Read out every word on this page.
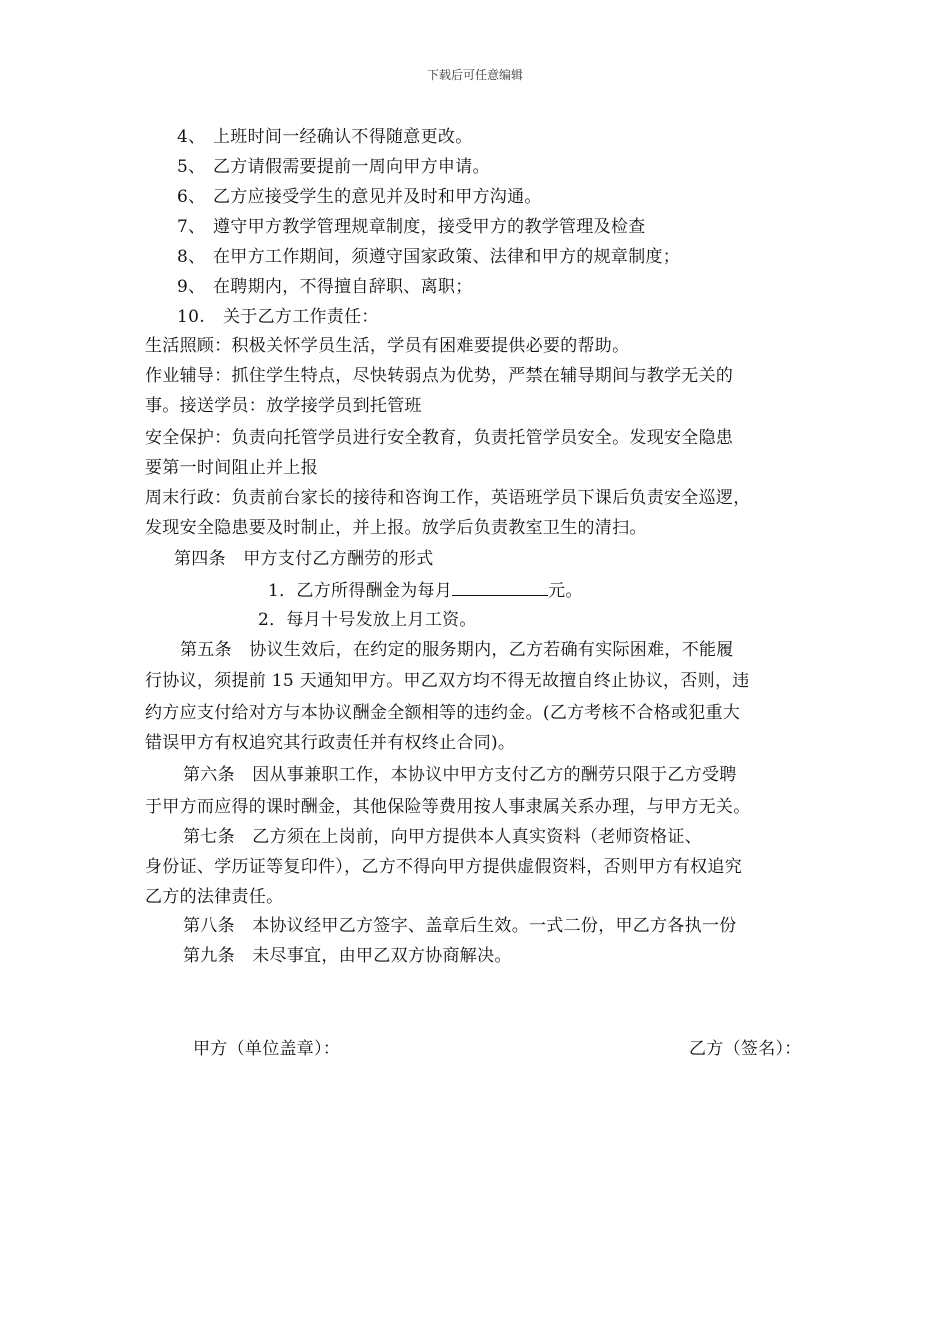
下载后可任意编辑
4、 上班时间一经确认不得随意更改。
5、 乙方请假需要提前一周向甲方申请。
6、 乙方应接受学生的意见并及时和甲方沟通。
7、 遵守甲方教学管理规章制度，接受甲方的教学管理及检查
8、 在甲方工作期间，须遵守国家政策、法律和甲方的规章制度；
9、 在聘期内，不得擅自辞职、离职；
10. 关于乙方工作责任：
生活照顾：积极关怀学员生活，学员有困难要提供必要的帮助。
作业辅导：抓住学生特点，尽快转弱点为优势，严禁在辅导期间与教学无关的
事。接送学员：放学接学员到托管班
安全保护：负责向托管学员进行安全教育，负责托管学员安全。发现安全隐患
要第一时间阻止并上报
周末行政：负责前台家长的接待和咨询工作，英语班学员下课后负责安全巡逻，
发现安全隐患要及时制止，并上报。放学后负责教室卫生的清扫。
第四条　甲方支付乙方酬劳的形式
1．乙方所得酬金为每月	元。
2．每月十号发放上月工资。
第五条　协议生效后，在约定的服务期内，乙方若确有实际困难，不能履
行协议，须提前 15 天通知甲方。甲乙双方均不得无故擅自终止协议，否则，违
约方应支付给对方与本协议酬金全额相等的违约金。(乙方考核不合格或犯重大
错误甲方有权追究其行政责任并有权终止合同)。
第六条　因从事兼职工作，本协议中甲方支付乙方的酬劳只限于乙方受聘
于甲方而应得的课时酬金，其他保险等费用按人事隶属关系办理，与甲方无关。
第七条　乙方须在上岗前，向甲方提供本人真实资料（老师资格证、
身份证、学历证等复印件），乙方不得向甲方提供虚假资料，否则甲方有权追究
乙方的法律责任。
第八条　本协议经甲乙方签字、盖章后生效。一式二份，甲乙方各执一份
第九条　未尽事宜，由甲乙双方协商解决。
甲方（单位盖章）：	乙方（签名）：
